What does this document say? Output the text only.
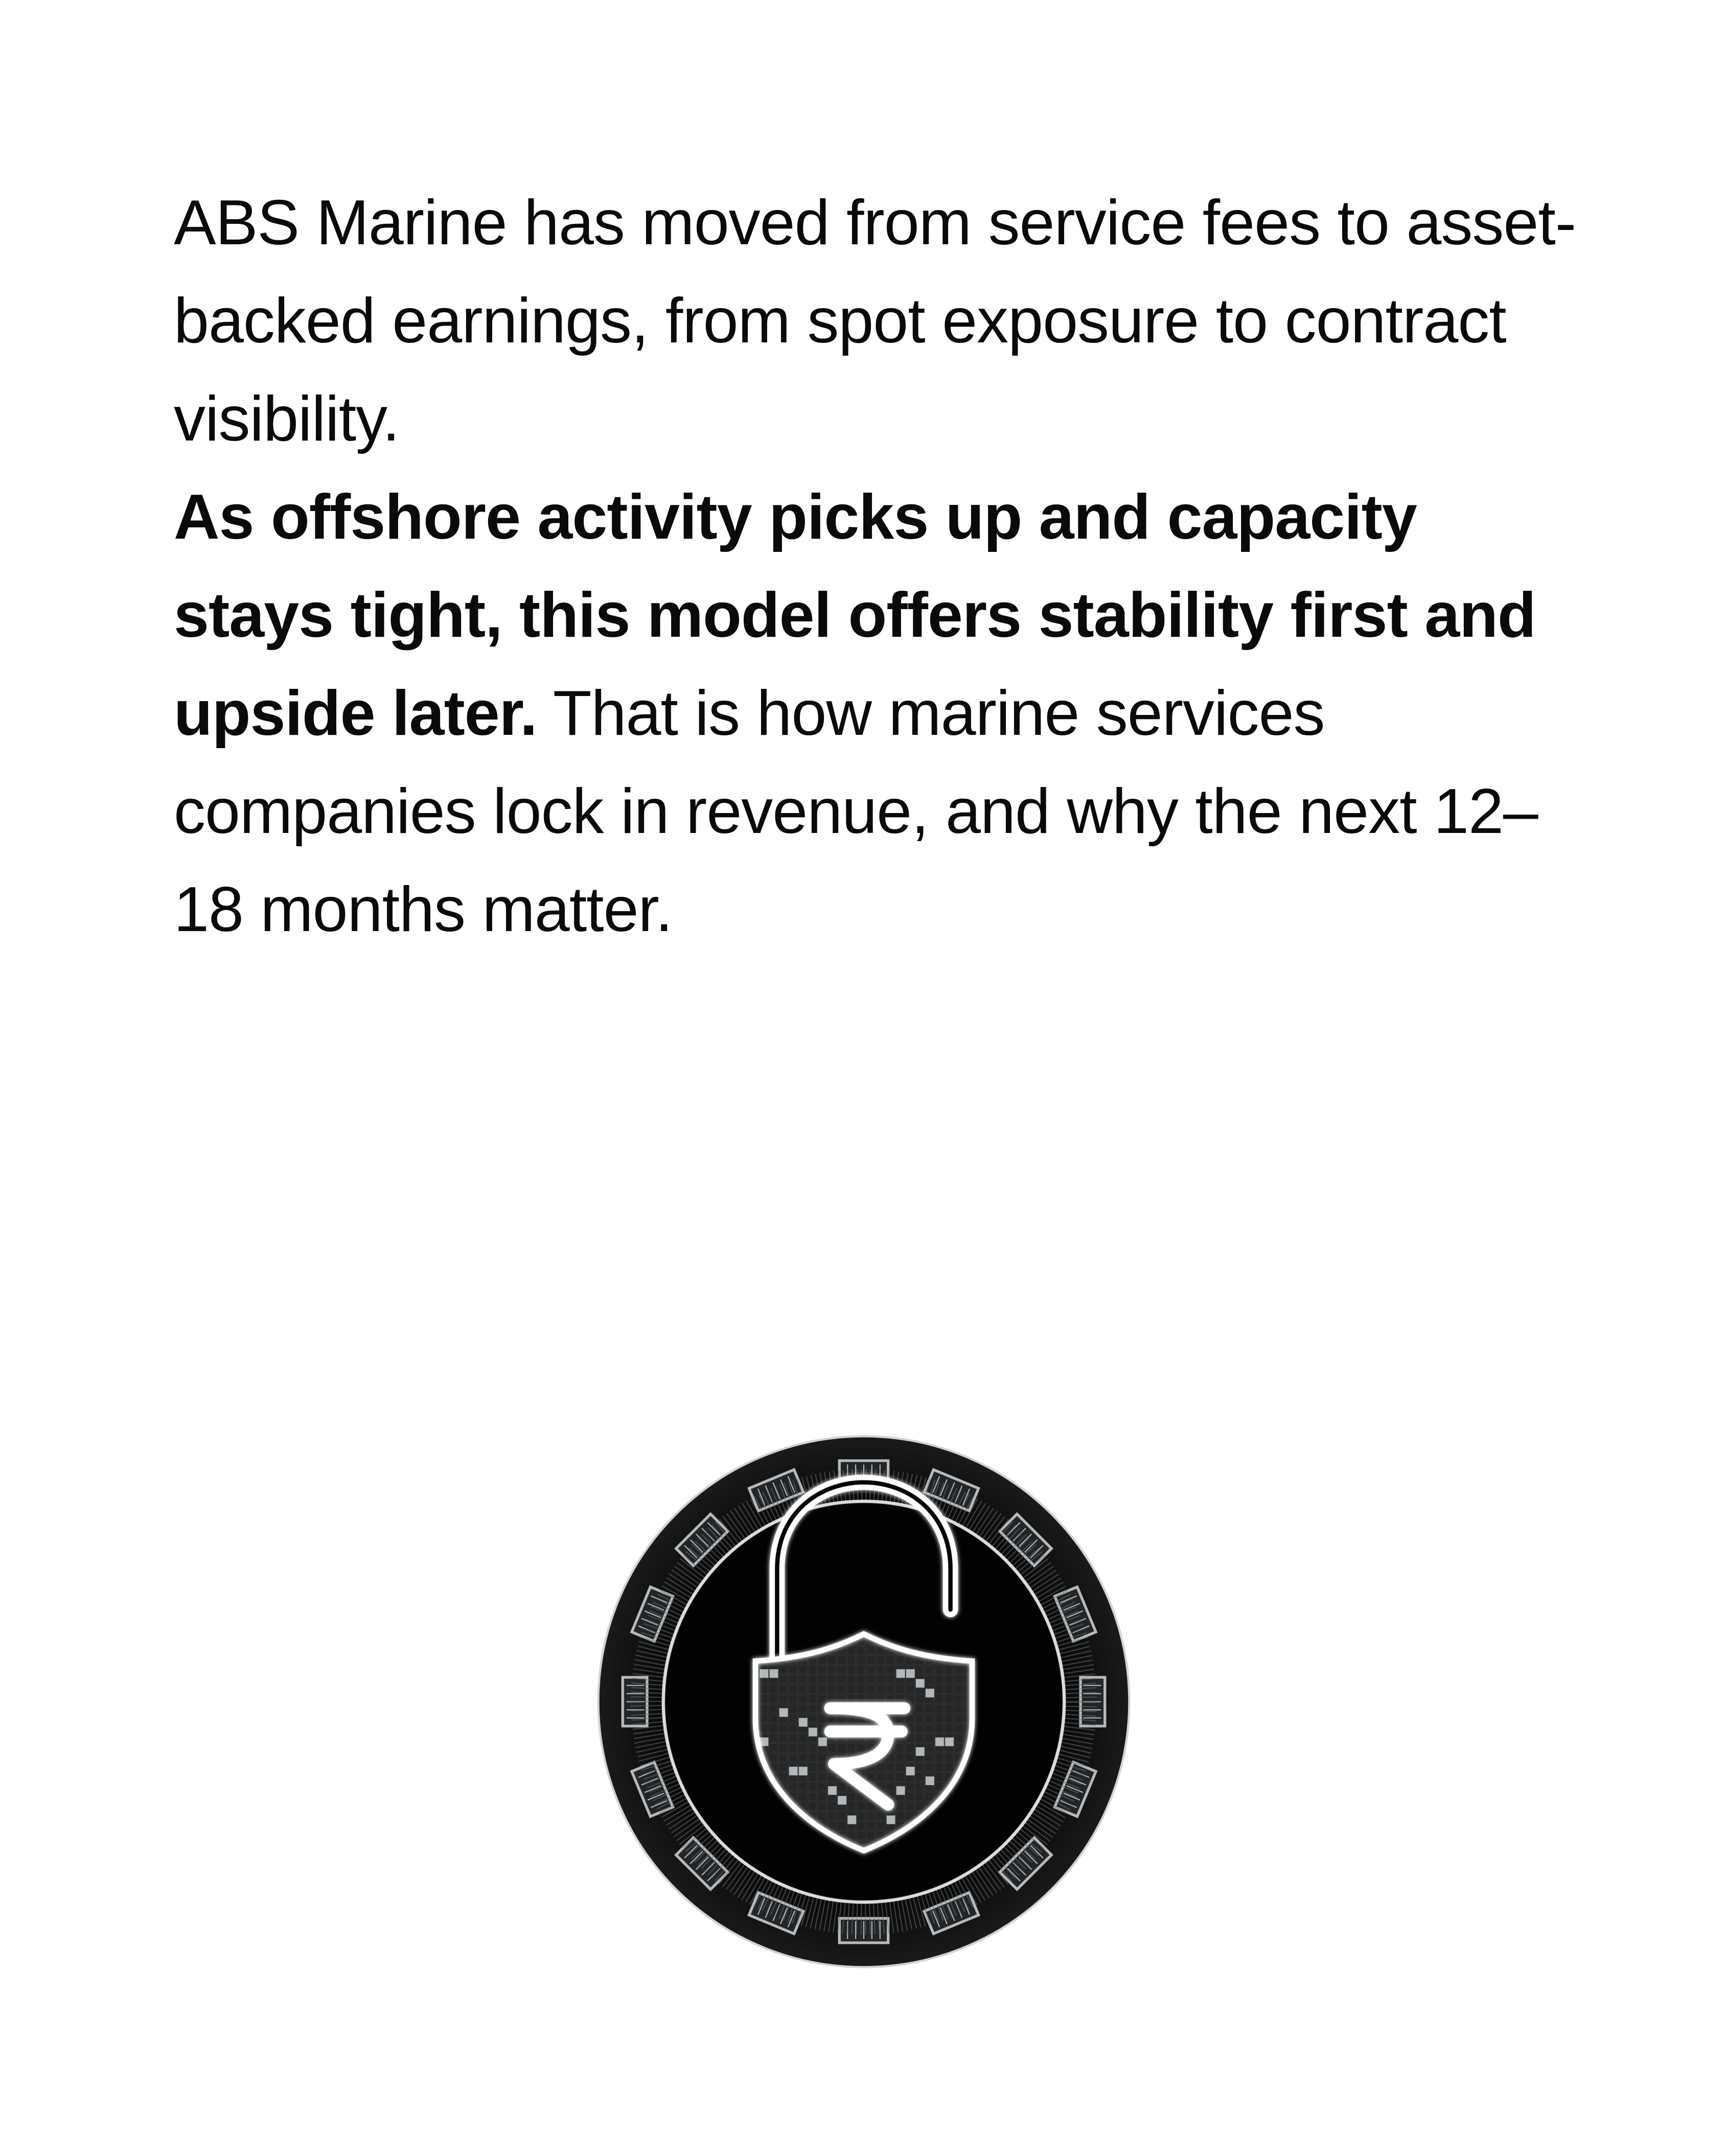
ABS Marine has moved from service fees to asset-backed earnings, from spot exposure to contract visibility.

As offshore activity picks up and capacity stays tight, this model offers stability first and upside later. That is how marine services companies lock in revenue, and why the next 12–18 months matter.
